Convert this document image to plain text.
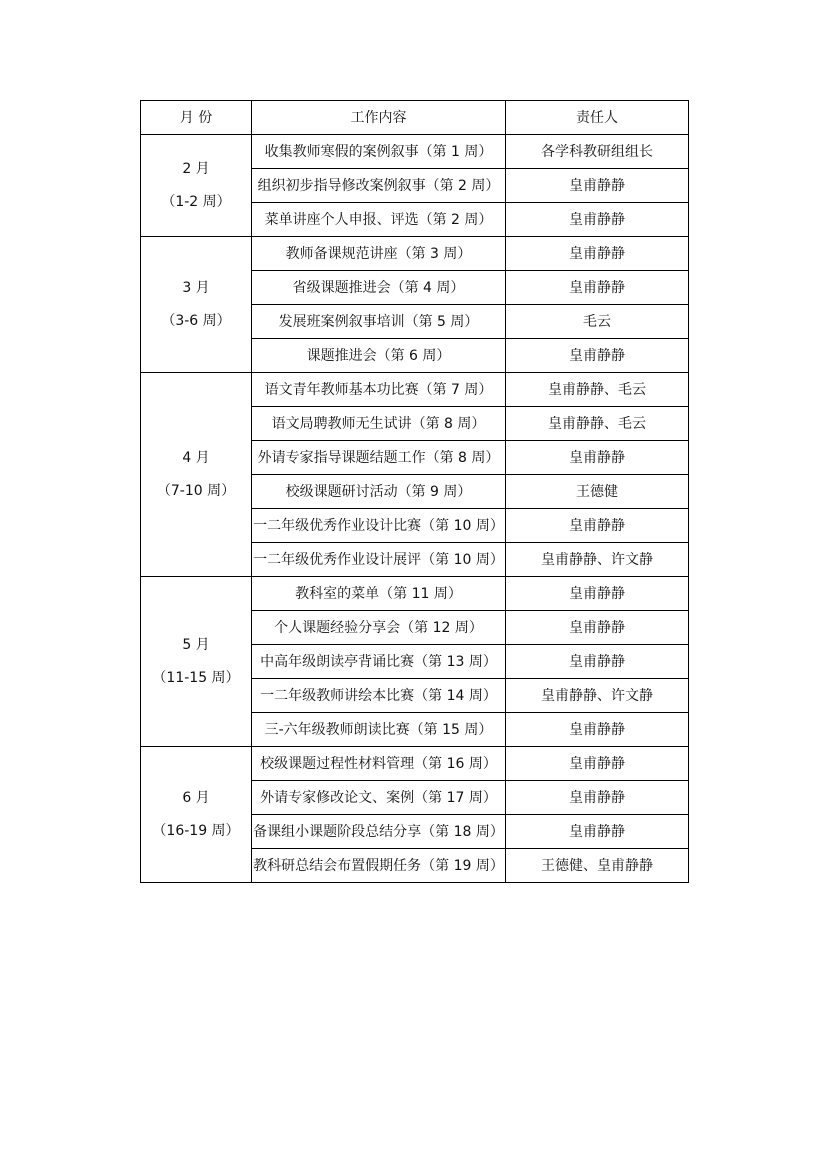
月 份	工作内容	责任人

2 月
（1-2 周）	收集教师寒假的案例叙事（第 1 周）	各学科教研组组长
	组织初步指导修改案例叙事（第 2 周）	皇甫静静
	菜单讲座个人申报、评选（第 2 周）	皇甫静静

3 月
（3-6 周）	教师备课规范讲座（第 3 周）	皇甫静静
	省级课题推进会（第 4 周）	皇甫静静
	发展班案例叙事培训（第 5 周）	毛云
	课题推进会（第 6 周）	皇甫静静

4 月
（7-10 周）	语文青年教师基本功比赛（第 7 周）	皇甫静静、毛云
	语文局聘教师无生试讲（第 8 周）	皇甫静静、毛云
	外请专家指导课题结题工作（第 8 周）	皇甫静静
	校级课题研讨活动（第 9 周）	王德健
	一二年级优秀作业设计比赛（第 10 周）	皇甫静静
	一二年级优秀作业设计展评（第 10 周）	皇甫静静、许文静

5 月
（11-15 周）	教科室的菜单（第 11 周）	皇甫静静
	个人课题经验分享会（第 12 周）	皇甫静静
	中高年级朗读亭背诵比赛（第 13 周）	皇甫静静
	一二年级教师讲绘本比赛（第 14 周）	皇甫静静、许文静
	三-六年级教师朗读比赛（第 15 周）	皇甫静静

6 月
（16-19 周）	校级课题过程性材料管理（第 16 周）	皇甫静静
	外请专家修改论文、案例（第 17 周）	皇甫静静
	备课组小课题阶段总结分享（第 18 周）	皇甫静静
	教科研总结会布置假期任务（第 19 周）	王德健、皇甫静静
